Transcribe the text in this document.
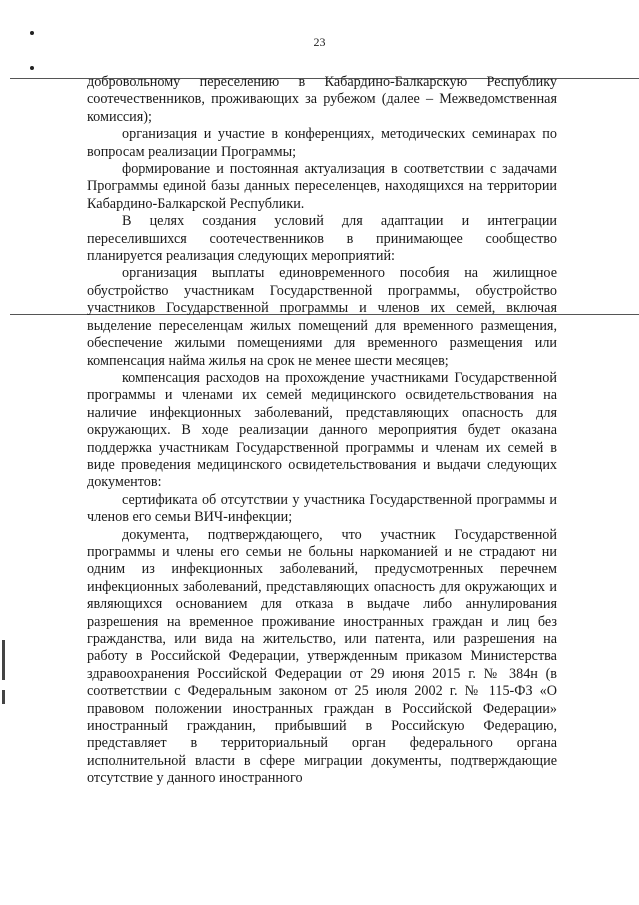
23

добровольному переселению в Кабардино-Балкарскую Республику соотечественников, проживающих за рубежом (далее – Межведомственная комиссия);

организация и участие в конференциях, методических семинарах по вопросам реализации Программы;

формирование и постоянная актуализация в соответствии с задачами Программы единой базы данных переселенцев, находящихся на территории Кабардино-Балкарской Республики.

В целях создания условий для адаптации и интеграции переселившихся соотечественников в принимающее сообщество планируется реализация следующих мероприятий:

организация выплаты единовременного пособия на жилищное обустройство участникам Государственной программы, обустройство участников Государственной программы и членов их семей, включая выделение переселенцам жилых помещений для временного размещения, обеспечение жилыми помещениями для временного размещения или компенсация найма жилья на срок не менее шести месяцев;

компенсация расходов на прохождение участниками Государственной программы и членами их семей медицинского освидетельствования на наличие инфекционных заболеваний, представляющих опасность для окружающих. В ходе реализации данного мероприятия будет оказана поддержка участникам Государственной программы и членам их семей в виде проведения медицинского освидетельствования и выдачи следующих документов:

сертификата об отсутствии у участника Государственной программы и членов его семьи ВИЧ-инфекции;

документа, подтверждающего, что участник Государственной программы и члены его семьи не больны наркоманией и не страдают ни одним из инфекционных заболеваний, предусмотренных перечнем инфекционных заболеваний, представляющих опасность для окружающих и являющихся основанием для отказа в выдаче либо аннулирования разрешения на временное проживание иностранных граждан и лиц без гражданства, или вида на жительство, или патента, или разрешения на работу в Российской Федерации, утвержденным приказом Министерства здравоохранения Российской Федерации от 29 июня 2015 г. № 384н (в соответствии с Федеральным законом от 25 июля 2002 г. № 115-ФЗ «О правовом положении иностранных граждан в Российской Федерации» иностранный гражданин, прибывший в Российскую Федерацию, представляет в территориальный орган федерального органа исполнительной власти в сфере миграции документы, подтверждающие отсутствие у данного иностранного
